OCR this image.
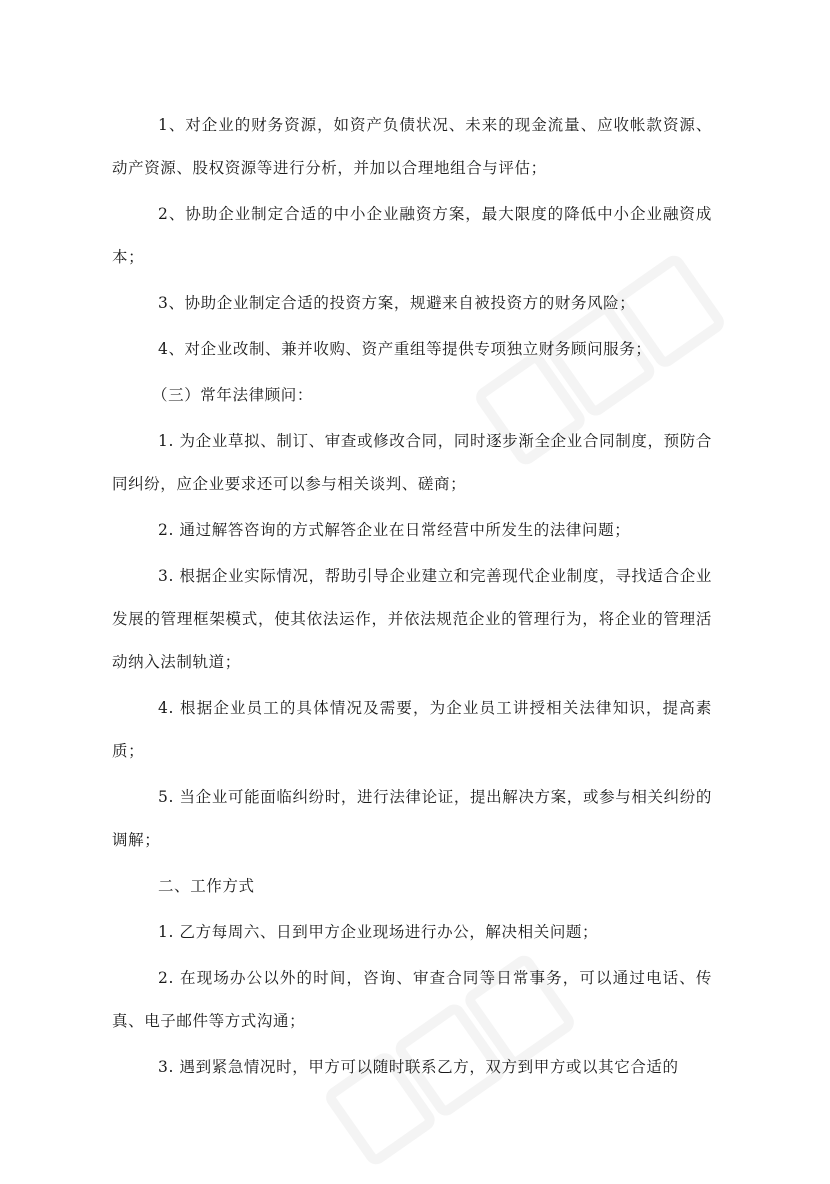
1、对企业的财务资源，如资产负债状况、未来的现金流量、应收帐款资源、动产资源、股权资源等进行分析，并加以合理地组合与评估；

2、协助企业制定合适的中小企业融资方案，最大限度的降低中小企业融资成本；

3、协助企业制定合适的投资方案，规避来自被投资方的财务风险；

4、对企业改制、兼并收购、资产重组等提供专项独立财务顾问服务；

（三）常年法律顾问：

1. 为企业草拟、制订、审查或修改合同，同时逐步渐全企业合同制度，预防合同纠纷，应企业要求还可以参与相关谈判、磋商；

2. 通过解答咨询的方式解答企业在日常经营中所发生的法律问题；

3. 根据企业实际情况，帮助引导企业建立和完善现代企业制度，寻找适合企业发展的管理框架模式，使其依法运作，并依法规范企业的管理行为，将企业的管理活动纳入法制轨道；

4. 根据企业员工的具体情况及需要，为企业员工讲授相关法律知识，提高素质；

5. 当企业可能面临纠纷时，进行法律论证，提出解决方案，或参与相关纠纷的调解；

二、工作方式

1. 乙方每周六、日到甲方企业现场进行办公，解决相关问题；

2. 在现场办公以外的时间，咨询、审查合同等日常事务，可以通过电话、传真、电子邮件等方式沟通；

3. 遇到紧急情况时，甲方可以随时联系乙方，双方到甲方或以其它合适的
